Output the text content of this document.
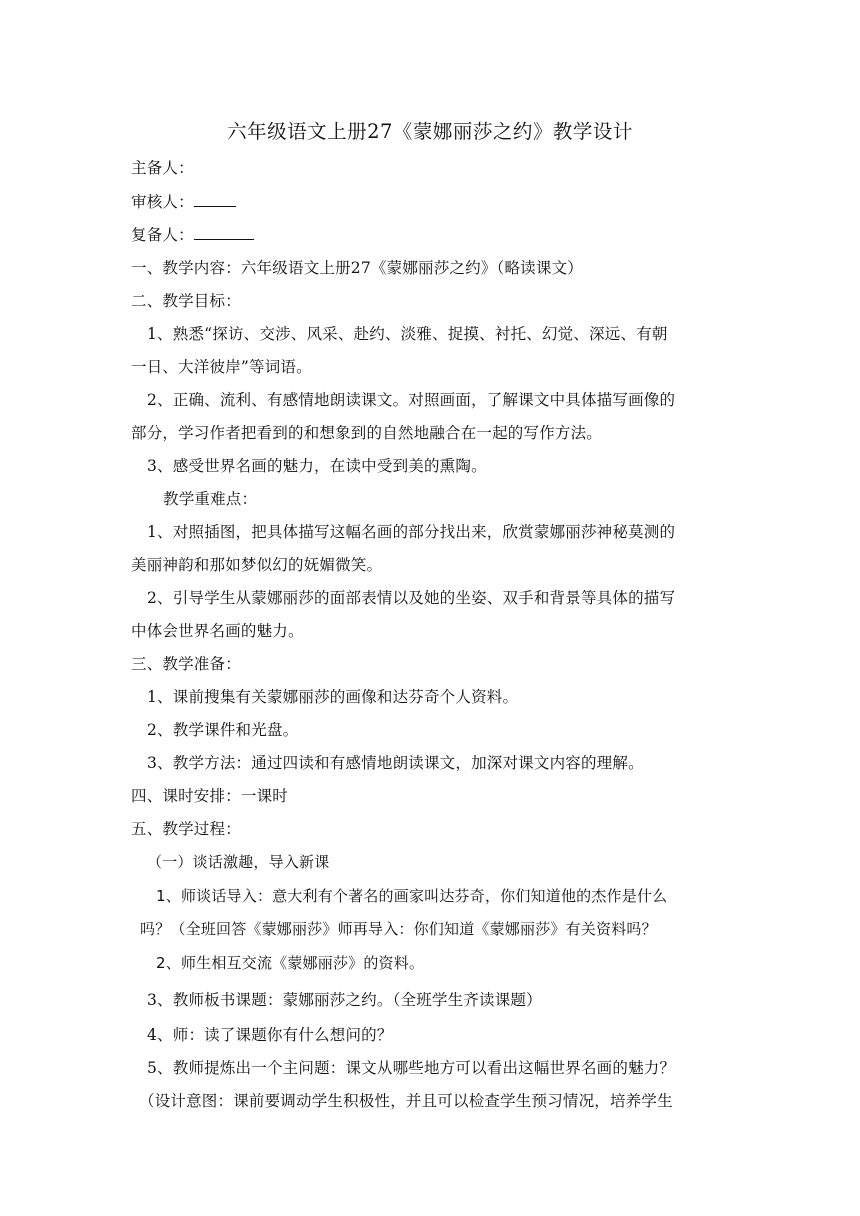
六年级语文上册27《蒙娜丽莎之约》教学设计
主备人：
审核人：
复备人：
一、教学内容：六年级语文上册27《蒙娜丽莎之约》（略读课文）
二、教学目标：
1、熟悉“探访、交涉、风采、赴约、淡雅、捉摸、衬托、幻觉、深远、有朝
一日、大洋彼岸”等词语。
2、正确、流利、有感情地朗读课文。对照画面，了解课文中具体描写画像的
部分，学习作者把看到的和想象到的自然地融合在一起的写作方法。
3、感受世界名画的魅力，在读中受到美的熏陶。
教学重难点：
1、对照插图，把具体描写这幅名画的部分找出来，欣赏蒙娜丽莎神秘莫测的
美丽神韵和那如梦似幻的妩媚微笑。
2、引导学生从蒙娜丽莎的面部表情以及她的坐姿、双手和背景等具体的描写
中体会世界名画的魅力。
三、教学准备：
1、课前搜集有关蒙娜丽莎的画像和达芬奇个人资料。
2、教学课件和光盘。
3、教学方法：通过四读和有感情地朗读课文，加深对课文内容的理解。
四、课时安排：一课时
五、教学过程：
（一）谈话激趣，导入新课
1、师谈话导入：意大利有个著名的画家叫达芬奇，你们知道他的杰作是什么
吗？（全班回答《蒙娜丽莎》师再导入：你们知道《蒙娜丽莎》有关资料吗？
2、师生相互交流《蒙娜丽莎》的资料。
3、教师板书课题：蒙娜丽莎之约。（全班学生齐读课题）
4、师：读了课题你有什么想问的？
5、教师提炼出一个主问题：课文从哪些地方可以看出这幅世界名画的魅力？
（设计意图：课前要调动学生积极性，并且可以检查学生预习情况，培养学生
